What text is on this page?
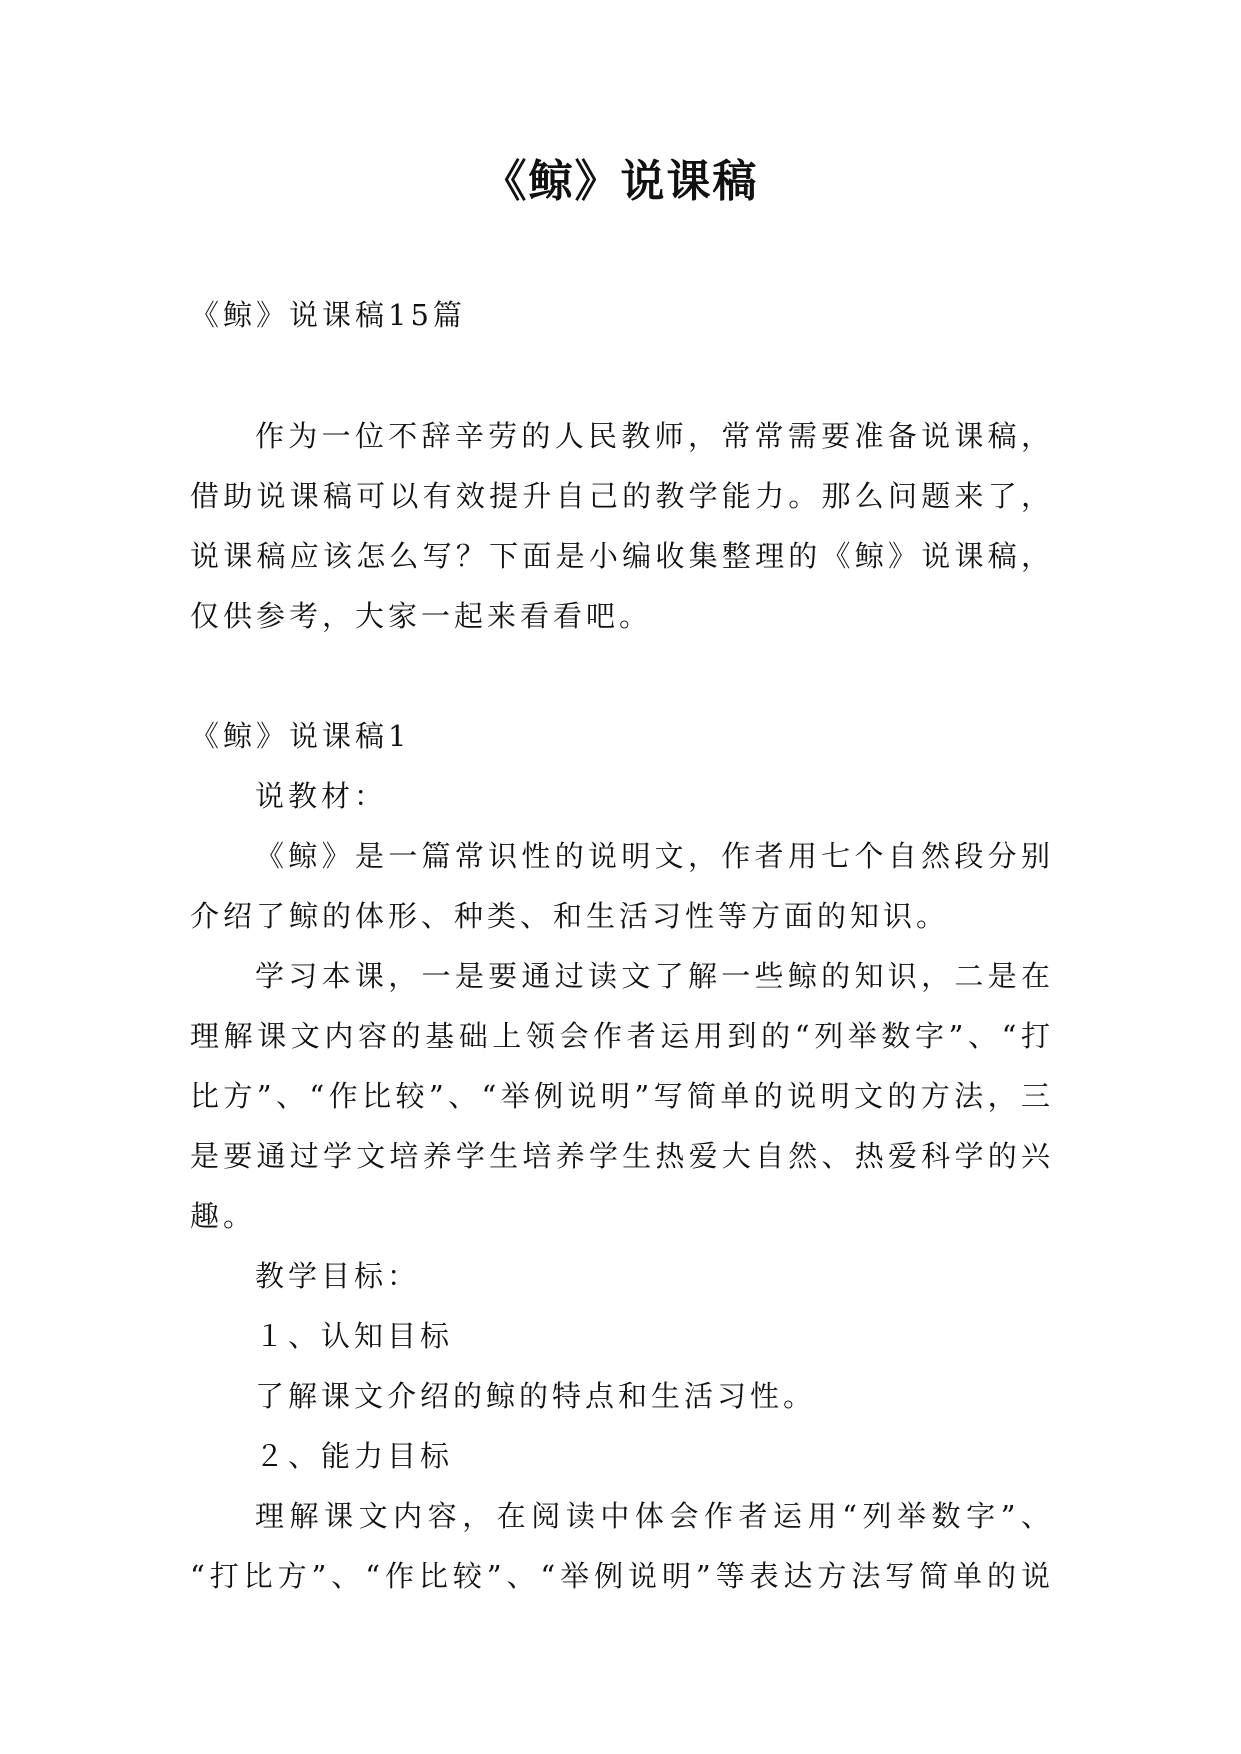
《鲸》说课稿
《鲸》说课稿15篇
作为一位不辞辛劳的人民教师，常常需要准备说课稿，
借助说课稿可以有效提升自己的教学能力。那么问题来了，
说课稿应该怎么写？下面是小编收集整理的《鲸》说课稿，
仅供参考，大家一起来看看吧。
《鲸》说课稿1
说教材：
《鲸》是一篇常识性的说明文，作者用七个自然段分别
介绍了鲸的体形、种类、和生活习性等方面的知识。
学习本课，一是要通过读文了解一些鲸的知识，二是在
理解课文内容的基础上领会作者运用到的“列举数字”、“打
比方”、“作比较”、“举例说明”写简单的说明文的方法，三
是要通过学文培养学生培养学生热爱大自然、热爱科学的兴
趣。
教学目标：
１、认知目标
了解课文介绍的鲸的特点和生活习性。
２、能力目标
理解课文内容，在阅读中体会作者运用“列举数字”、
“打比方”、“作比较”、“举例说明”等表达方法写简单的说
